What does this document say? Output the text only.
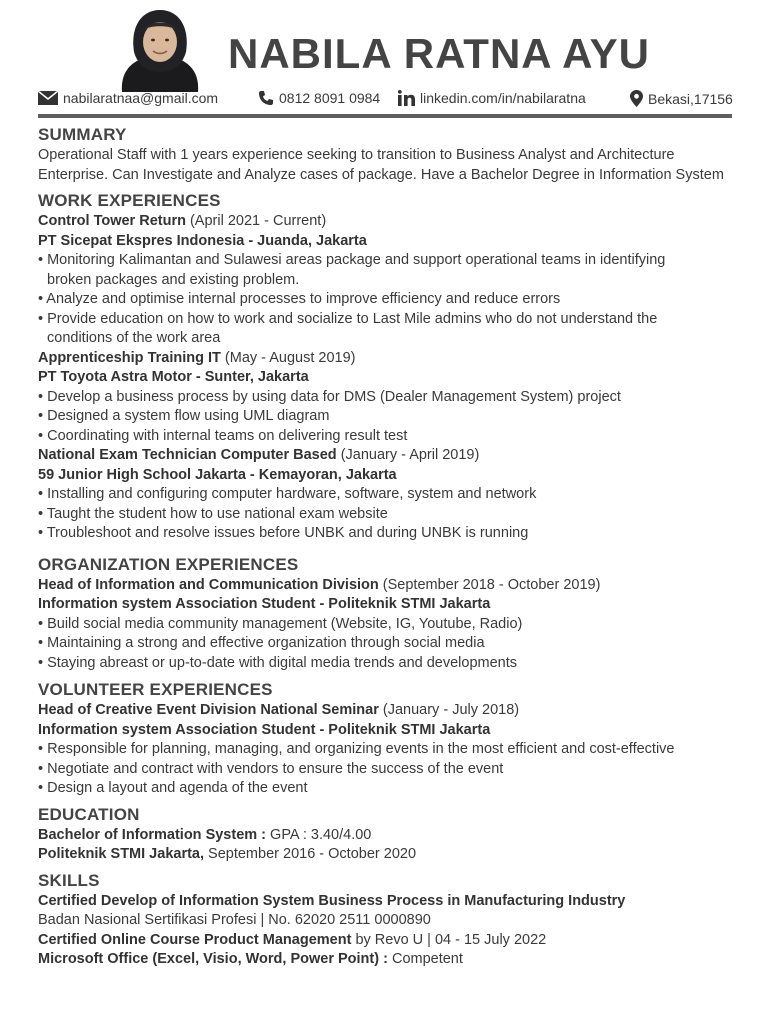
NABILA RATNA AYU
nabilaratnaa@gmail.com	0812 8091 0984	linkedin.com/in/nabilaratna	Bekasi,17156
SUMMARY
Operational Staff with 1 years experience seeking to transition to Business Analyst and Architecture
Enterprise. Can Investigate and Analyze cases of package. Have a Bachelor Degree in Information System
WORK EXPERIENCES
Control Tower Return (April 2021 - Current)
PT Sicepat Ekspres Indonesia - Juanda, Jakarta
• Monitoring Kalimantan and Sulawesi areas package and support operational teams in identifying
broken packages and existing problem.
• Analyze and optimise internal processes to improve efficiency and reduce errors
• Provide education on how to work and socialize to Last Mile admins who do not understand the
conditions of the work area
Apprenticeship Training IT (May - August 2019)
PT Toyota Astra Motor - Sunter, Jakarta
• Develop a business process by using data for DMS (Dealer Management System) project
• Designed a system flow using UML diagram
• Coordinating with internal teams on delivering result test
National Exam Technician Computer Based (January - April 2019)
59 Junior High School Jakarta - Kemayoran, Jakarta
• Installing and configuring computer hardware, software, system and network
• Taught the student how to use national exam website
• Troubleshoot and resolve issues before UNBK and during UNBK is running
ORGANIZATION EXPERIENCES
Head of Information and Communication Division (September 2018 - October 2019)
Information system Association Student - Politeknik STMI Jakarta
• Build social media community management (Website, IG, Youtube, Radio)
• Maintaining a strong and effective organization through social media
• Staying abreast or up-to-date with digital media trends and developments
VOLUNTEER EXPERIENCES
Head of Creative Event Division National Seminar (January - July 2018)
Information system Association Student - Politeknik STMI Jakarta
• Responsible for planning, managing, and organizing events in the most efficient and cost-effective
• Negotiate and contract with vendors to ensure the success of the event
• Design a layout and agenda of the event
EDUCATION
Bachelor of Information System : GPA : 3.40/4.00
Politeknik STMI Jakarta, September 2016 - October 2020
SKILLS
Certified Develop of Information System Business Process in Manufacturing Industry
Badan Nasional Sertifikasi Profesi | No. 62020 2511 0000890
Certified Online Course Product Management by Revo U | 04 - 15 July 2022
Microsoft Office (Excel, Visio, Word, Power Point) : Competent
